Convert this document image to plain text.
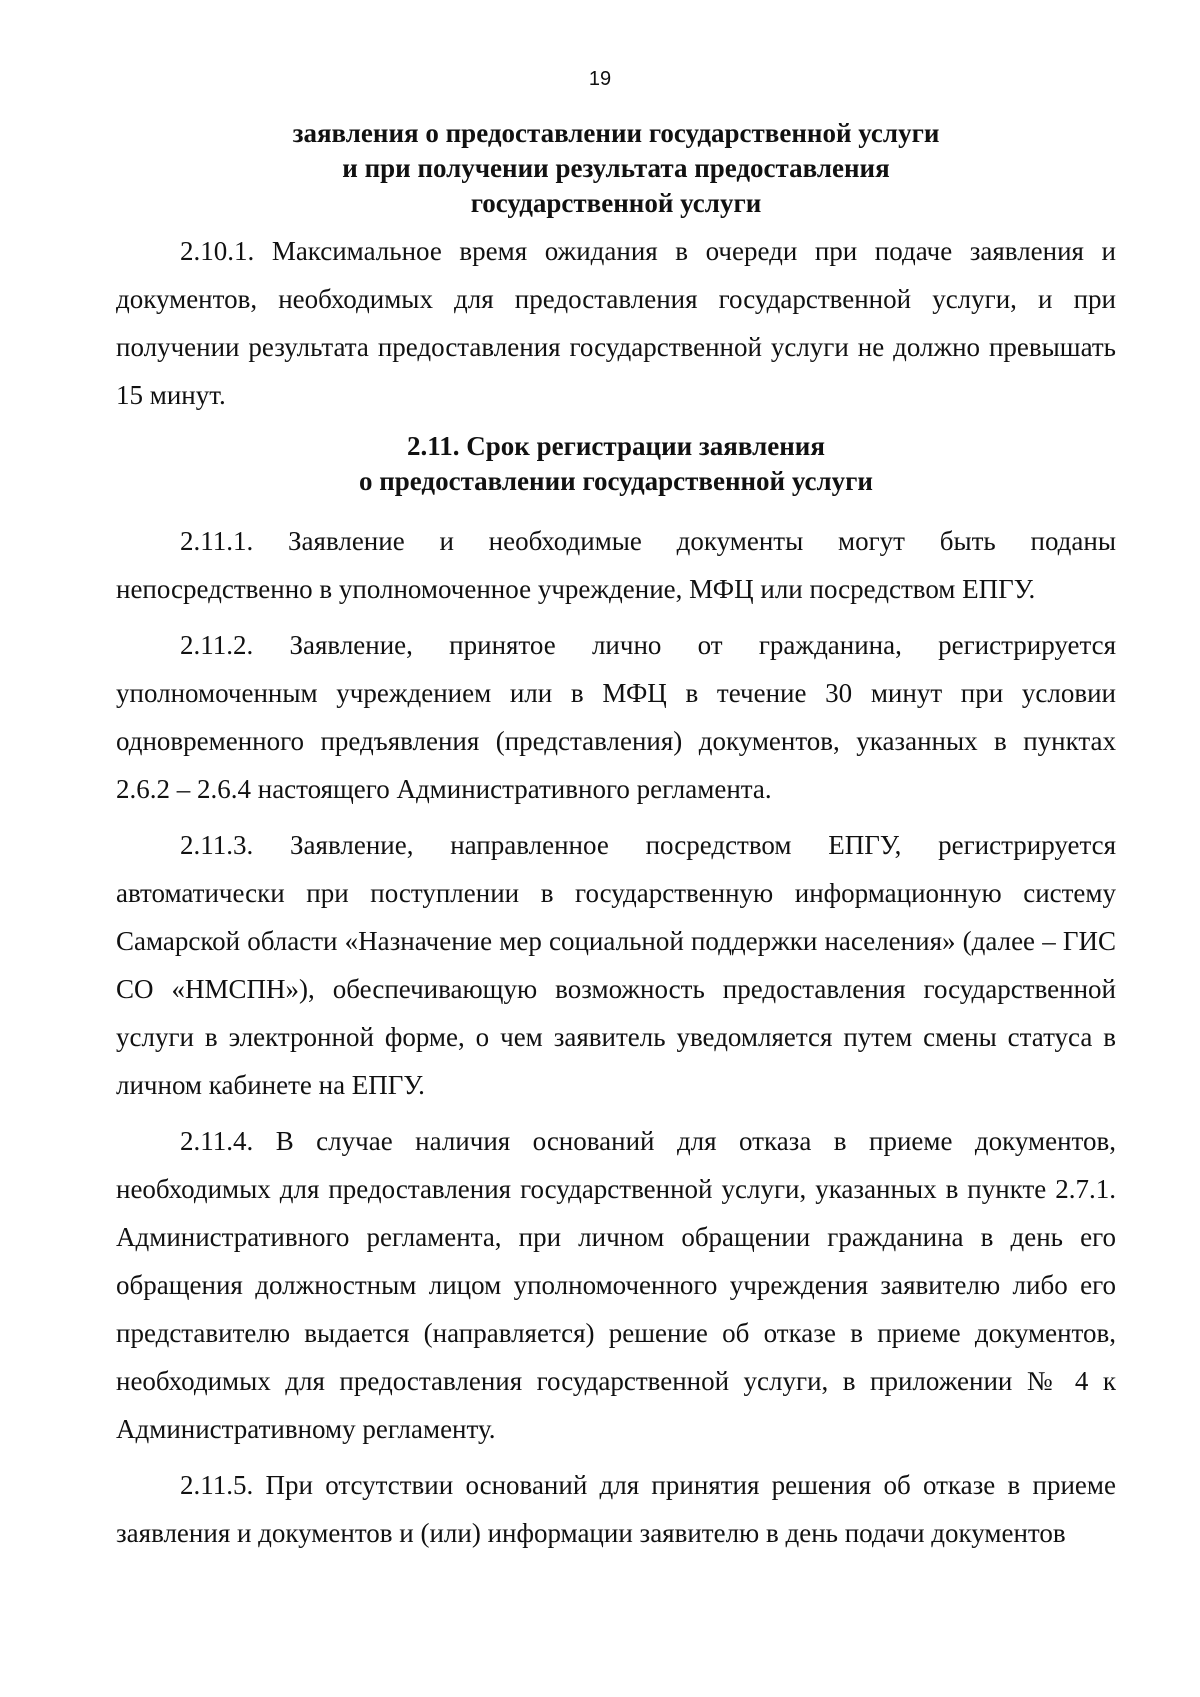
19
заявления о предоставлении государственной услуги
и при получении результата предоставления
государственной услуги

2.10.1. Максимальное время ожидания в очереди при подаче заявления и документов, необходимых для предоставления государственной услуги, и при получении результата предоставления государственной услуги не должно превышать 15 минут.

2.11. Срок регистрации заявления
о предоставлении государственной услуги

2.11.1. Заявление и необходимые документы могут быть поданы непосредственно в уполномоченное учреждение, МФЦ или посредством ЕПГУ.

2.11.2. Заявление, принятое лично от гражданина, регистрируется уполномоченным учреждением или в МФЦ в течение 30 минут при условии одновременного предъявления (представления) документов, указанных в пунктах 2.6.2 – 2.6.4 настоящего Административного регламента.

2.11.3. Заявление, направленное посредством ЕПГУ, регистрируется автоматически при поступлении в государственную информационную систему Самарской области «Назначение мер социальной поддержки населения» (далее – ГИС СО «НМСПН»), обеспечивающую возможность предоставления государственной услуги в электронной форме, о чем заявитель уведомляется путем смены статуса в личном кабинете на ЕПГУ.

2.11.4. В случае наличия оснований для отказа в приеме документов, необходимых для предоставления государственной услуги, указанных в пункте 2.7.1. Административного регламента, при личном обращении гражданина в день его обращения должностным лицом уполномоченного учреждения заявителю либо его представителю выдается (направляется) решение об отказе в приеме документов, необходимых для предоставления государственной услуги, в приложении № 4 к Административному регламенту.

2.11.5. При отсутствии оснований для принятия решения об отказе в приеме заявления и документов и (или) информации заявителю в день подачи документов
